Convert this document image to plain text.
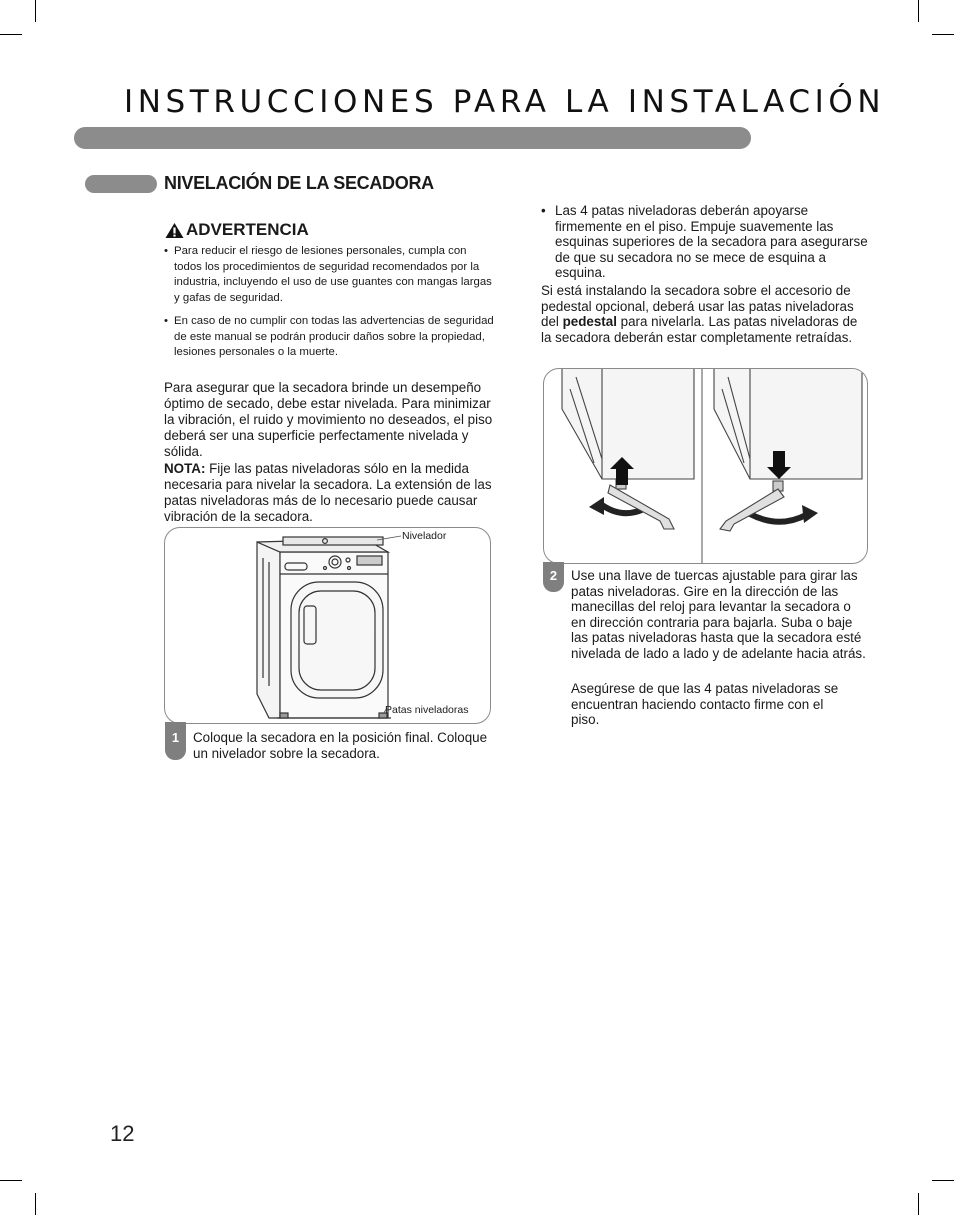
INSTRUCCIONES PARA LA INSTALACIÓN
NIVELACIÓN DE LA SECADORA
ADVERTENCIA
• Para reducir el riesgo de lesiones personales, cumpla con todos los procedimientos de seguridad recomendados por la industria, incluyendo el uso de use guantes con mangas largas y gafas de seguridad.
• En caso de no cumplir con todas las advertencias de seguridad de este manual se podrán producir daños sobre la propiedad, lesiones personales o la muerte.

Para asegurar que la secadora brinde un desempeño óptimo de secado, debe estar nivelada. Para minimizar la vibración, el ruido y movimiento no deseados, el piso deberá ser una superficie perfectamente nivelada y sólida.

NOTA: Fije las patas niveladoras sólo en la medida necesaria para nivelar la secadora. La extensión de las patas niveladoras más de lo necesario puede causar vibración de la secadora.

Nivelador
Patas niveladoras
1	Coloque la secadora en la posición final. Coloque un nivelador sobre la secadora.

• Las 4 patas niveladoras deberán apoyarse firmemente en el piso. Empuje suavemente las esquinas superiores de la secadora para asegurarse de que su secadora no se mece de esquina a esquina.

Si está instalando la secadora sobre el accesorio de pedestal opcional, deberá usar las patas niveladoras del pedestal para nivelarla. Las patas niveladoras de la secadora deberán estar completamente retraídas.

2	Use una llave de tuercas ajustable para girar las patas niveladoras. Gire en la dirección de las manecillas del reloj para levantar la secadora o en dirección contraria para bajarla. Suba o baje las patas niveladoras hasta que la secadora esté nivelada de lado a lado y de adelante hacia atrás.

Asegúrese de que las 4 patas niveladoras se encuentran haciendo contacto firme con el piso.

12
